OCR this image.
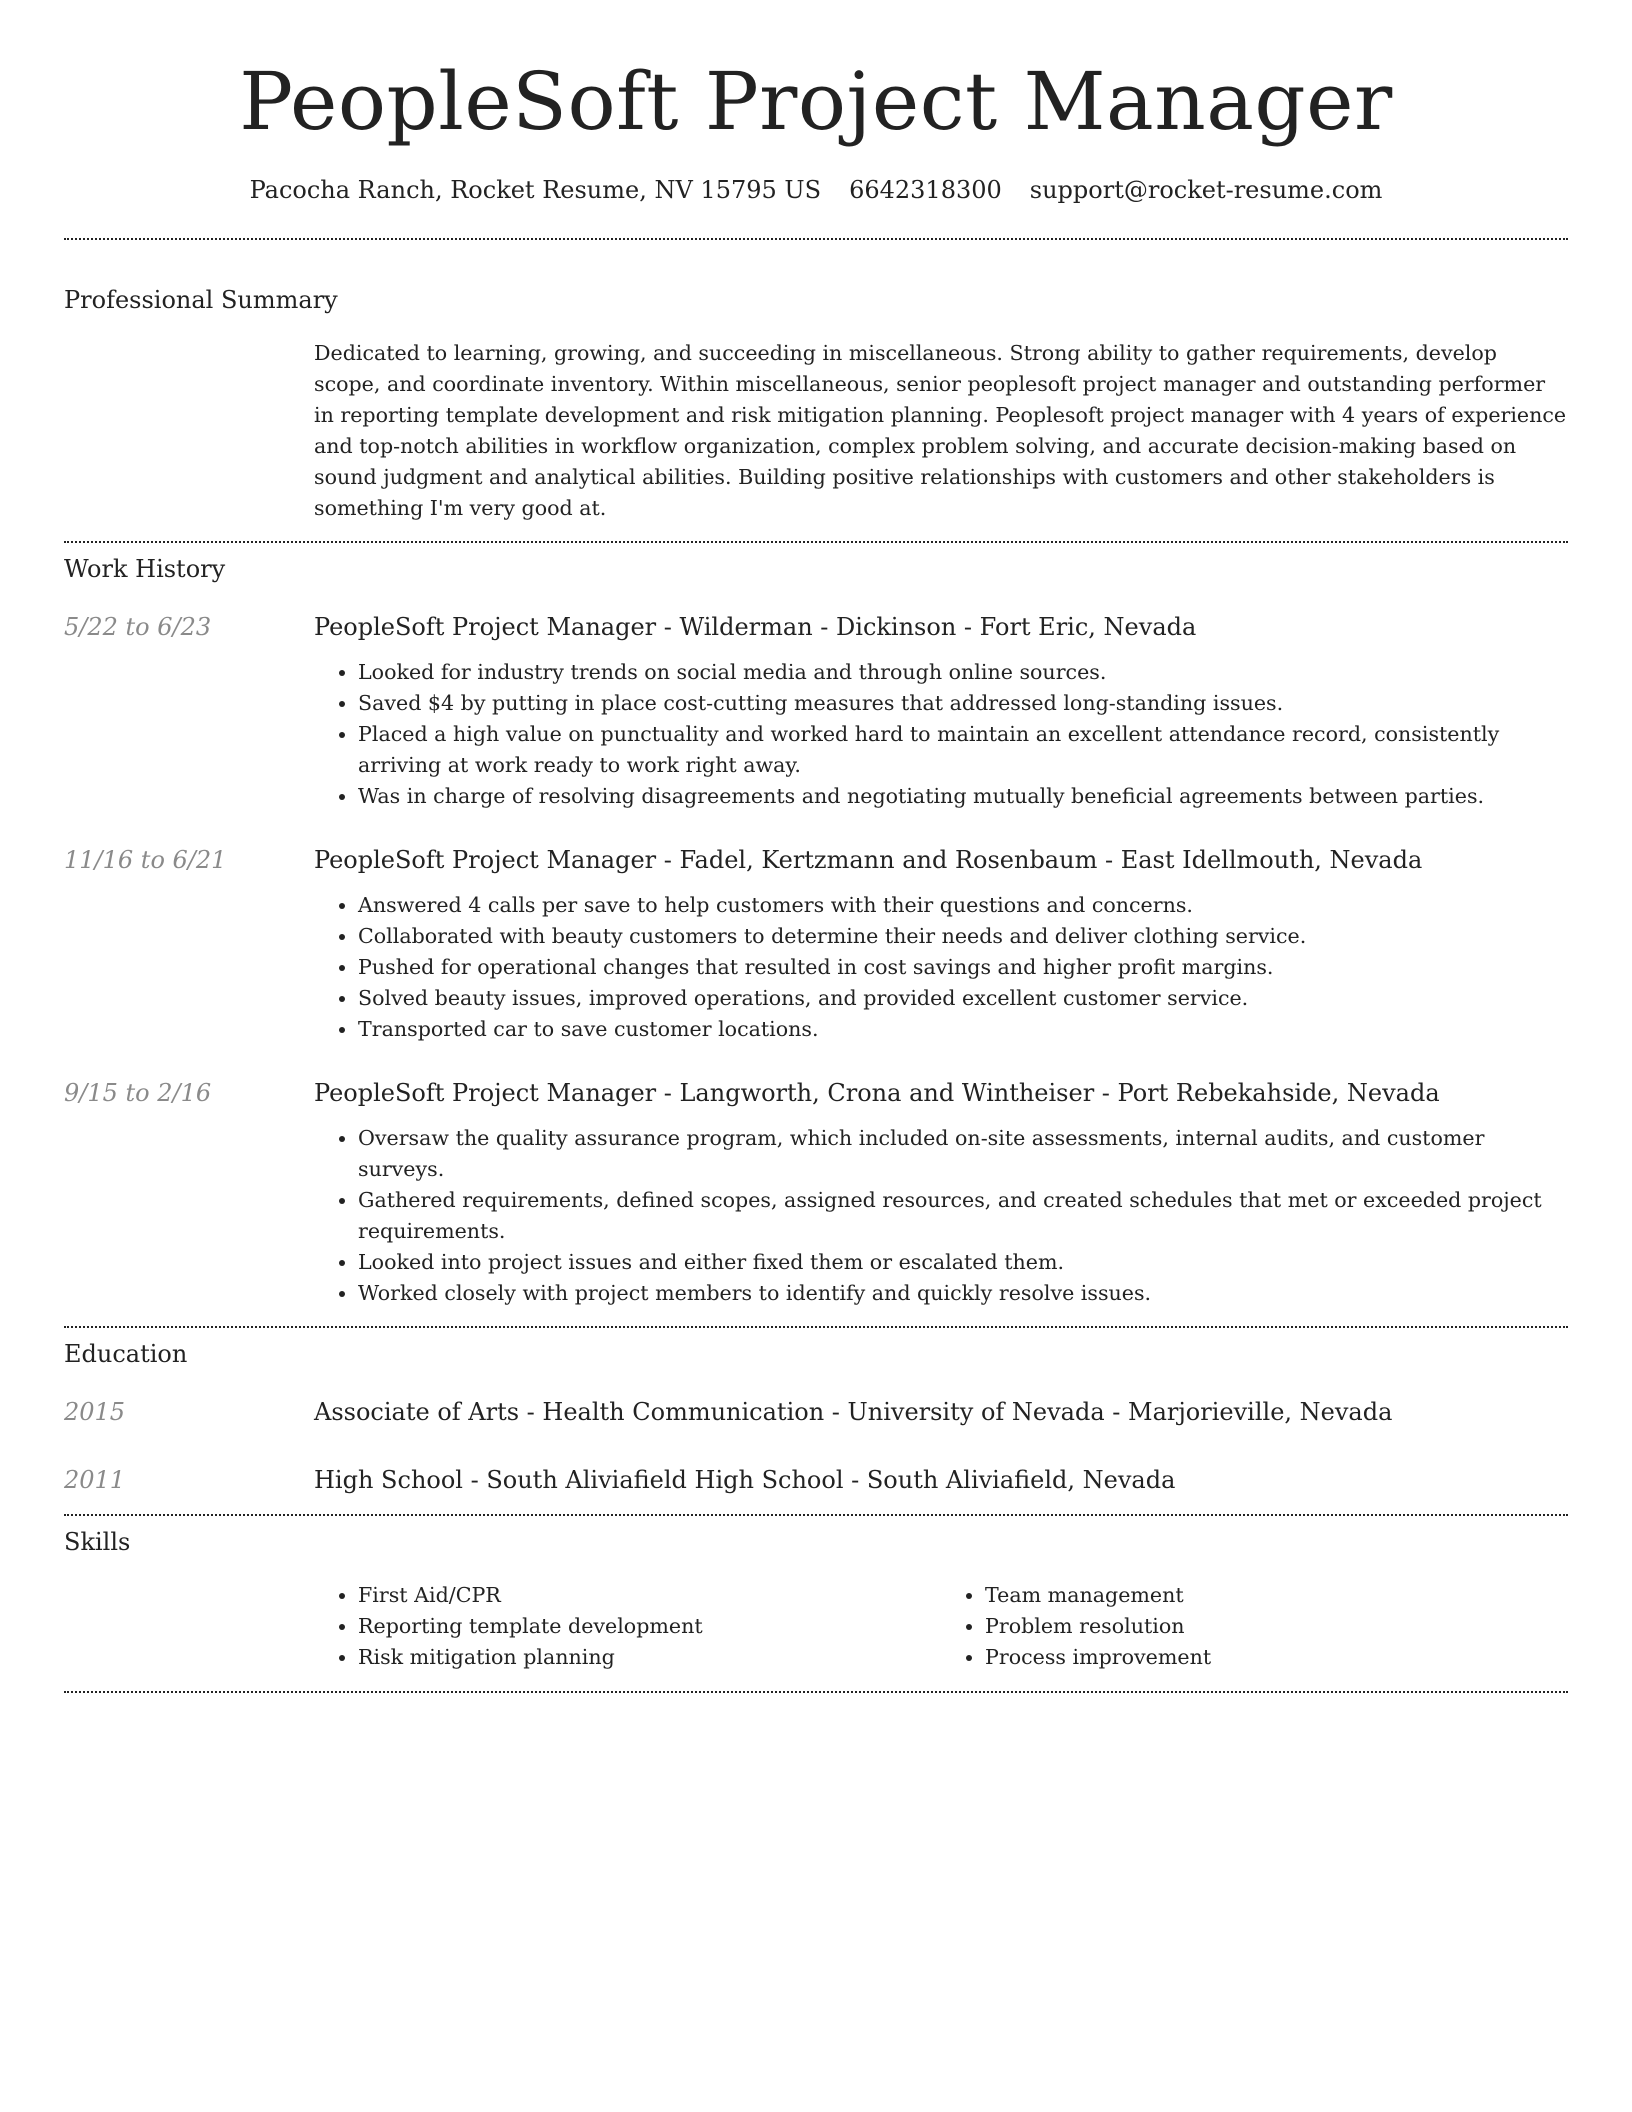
PeopleSoft Project Manager
Pacocha Ranch, Rocket Resume, NV 15795 US 6642318300 support@rocket-resume.com
Professional Summary

Dedicated to learning, growing, and succeeding in miscellaneous. Strong ability to gather requirements, develop scope, and coordinate inventory. Within miscellaneous, senior peoplesoft project manager and outstanding performer in reporting template development and risk mitigation planning. Peoplesoft project manager with 4 years of experience and top-notch abilities in workflow organization, complex problem solving, and accurate decision-making based on sound judgment and analytical abilities. Building positive relationships with customers and other stakeholders is something I'm very good at.

Work History
5/22 to 6/23	PeopleSoft Project Manager - Wilderman - Dickinson - Fort Eric, Nevada

• Looked for industry trends on social media and through online sources.
• Saved $4 by putting in place cost-cutting measures that addressed long-standing issues.
• Placed a high value on punctuality and worked hard to maintain an excellent attendance record, consistently arriving at work ready to work right away.
• Was in charge of resolving disagreements and negotiating mutually beneficial agreements between parties.
11/16 to 6/21	PeopleSoft Project Manager - Fadel, Kertzmann and Rosenbaum - East Idellmouth, Nevada

• Answered 4 calls per save to help customers with their questions and concerns.
• Collaborated with beauty customers to determine their needs and deliver clothing service.
• Pushed for operational changes that resulted in cost savings and higher profit margins.
• Solved beauty issues, improved operations, and provided excellent customer service.
• Transported car to save customer locations.
9/15 to 2/16	PeopleSoft Project Manager - Langworth, Crona and Wintheiser - Port Rebekahside, Nevada

• Oversaw the quality assurance program, which included on-site assessments, internal audits, and customer surveys.
• Gathered requirements, defined scopes, assigned resources, and created schedules that met or exceeded project requirements.
• Looked into project issues and either fixed them or escalated them.
• Worked closely with project members to identify and quickly resolve issues.
Education
2015	Associate of Arts - Health Communication - University of Nevada - Marjorieville, Nevada

2011	High School - South Aliviafield High School - South Aliviafield, Nevada

Skills
• First Aid/CPR
• Reporting template development
• Risk mitigation planning
• Team management
• Problem resolution
• Process improvement
